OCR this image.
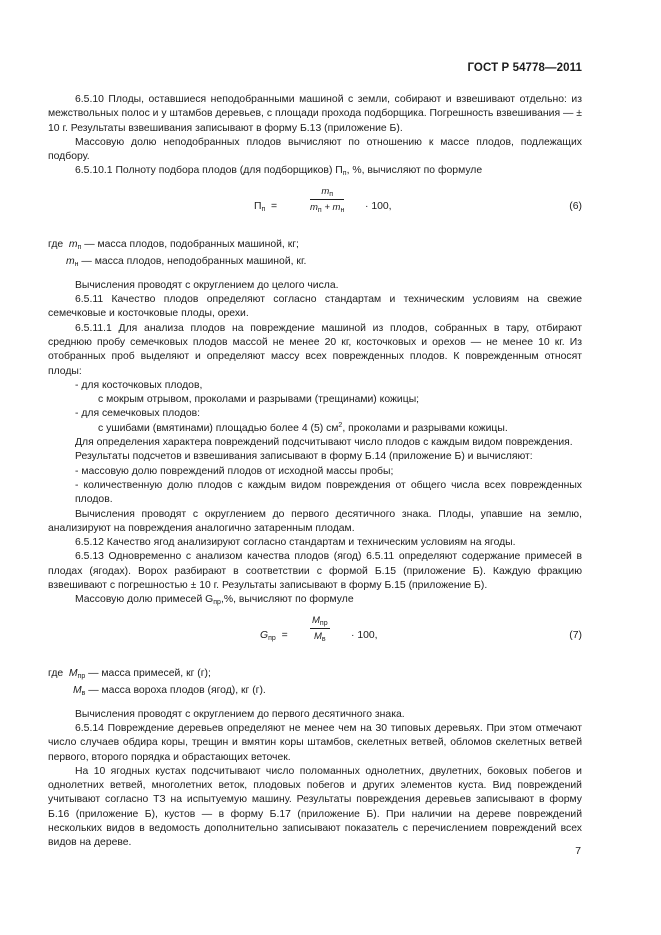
ГОСТ Р 54778—2011

6.5.10 Плоды, оставшиеся неподобранными машиной с земли, собирают и взвешивают отдельно: из межствольных полос и у штамбов деревьев, с площади прохода подборщика. Погрешность взвешивания — ± 10 г. Результаты взвешивания записывают в форму Б.13 (приложение Б).

Массовую долю неподобранных плодов вычисляют по отношению к массе плодов, подлежащих подбору.

6.5.10.1 Полноту подбора плодов (для подборщиков) $П_п$, %, вычисляют по формуле

$П_п$ =
$m_п$
$m_п + m_н \cdot 100$,	(6)

где $m_п$ — масса плодов, подобранных машиной, кг;

$m_н$ — масса плодов, неподобранных машиной, кг.

Вычисления проводят с округлением до целого числа.

6.5.11 Качество плодов определяют согласно стандартам и техническим условиям на свежие семечковые и косточковые плоды, орехи.

6.5.11.1 Для анализа плодов на повреждение машиной из плодов, собранных в тару, отбирают среднюю пробу семечковых плодов массой не менее 20 кг, косточковых и орехов — не менее 10 кг. Из отобранных проб выделяют и определяют массу всех поврежденных плодов. К поврежденным относят плоды:

- для косточковых плодов,

с мокрым отрывом, проколами и разрывами (трещинами) кожицы;

- для семечковых плодов:

с ушибами (вмятинами) площадью более 4 (5) $см^2$, проколами и разрывами кожицы.

Для определения характера повреждений подсчитывают число плодов с каждым видом повреждения.

Результаты подсчетов и взвешивания записывают в форму Б.14 (приложение Б) и вычисляют:

- массовую долю повреждений плодов от исходной массы пробы;

- количественную долю плодов с каждым видом повреждения от общего числа всех поврежденных плодов.

Вычисления проводят с округлением до первого десятичного знака. Плоды, упавшие на землю, анализируют на повреждения аналогично затаренным плодам.

6.5.12 Качество ягод анализируют согласно стандартам и техническим условиям на ягоды.

6.5.13 Одновременно с анализом качества плодов (ягод) 6.5.11 определяют содержание примесей в плодах (ягодах). Ворох разбирают в соответствии с формой Б.15 (приложение Б). Каждую фракцию взвешивают с погрешностью ± 10 г. Результаты записывают в форму Б.15 (приложение Б).

Массовую долю примесей $G_{пр},\%$, вычисляют по формуле

$G_{пр}$ =
$M_{пр}$
$M_в$	· 100,	(7)

где $M_{пр}$ — масса примесей, кг (г);

$M_в$ — масса вороха плодов (ягод), кг (г).

Вычисления проводят с округлением до первого десятичного знака.

6.5.14 Повреждение деревьев определяют не менее чем на 30 типовых деревьях. При этом отмечают число случаев обдира коры, трещин и вмятин коры штамбов, скелетных ветвей, обломов скелетных ветвей первого, второго порядка и обрастающих веточек.

На 10 ягодных кустах подсчитывают число поломанных однолетних, двулетних, боковых побегов и однолетних ветвей, многолетних веток, плодовых побегов и других элементов куста. Вид повреждений учитывают согласно ТЗ на испытуемую машину. Результаты повреждения деревьев записывают в форму Б.16 (приложение Б), кустов — в форму Б.17 (приложение Б). При наличии на дереве повреждений нескольких видов в ведомость дополнительно записывают показатель с перечислением повреждений всех видов на дереве.

7
